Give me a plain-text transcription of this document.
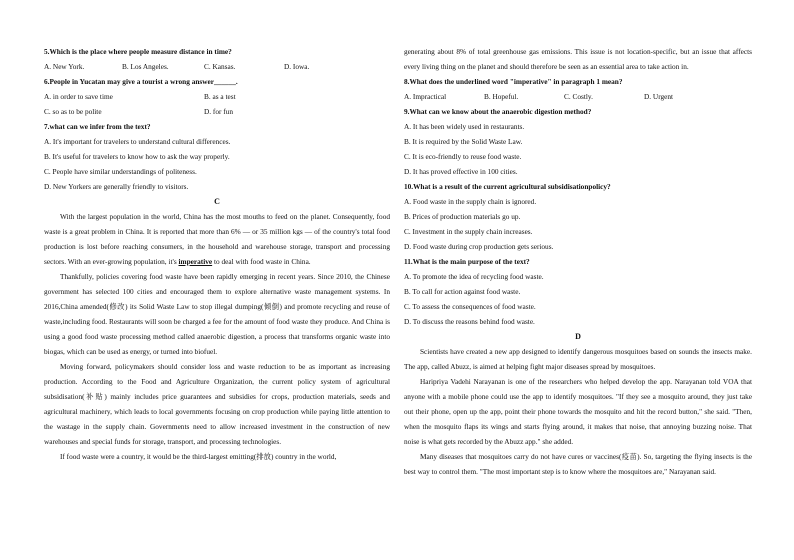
5.Which is the place where people measure distance in time?
A. New York.	B. Los Angeles.	C. Kansas.	D. Iowa.
6.People in Yucatan may give a tourist a wrong answer______.
A. in order to save time	B. as a test
C. so as to be polite	D. for fun
7.what can we infer from the text?
A. It's important for travelers to understand cultural differences.
B. It's useful for travelers to know how to ask the way properly.
C. People have similar understandings of politeness.
D. New Yorkers are generally friendly to visitors.
C

With the largest population in the world, China has the most mouths to feed on the planet. Consequently, food waste is a great problem in China. It is reported that more than 6% — or 35 million kgs — of the country's total food production is lost before reaching consumers, in the household and warehouse storage, transport and processing sectors. With an ever-growing population, it's imperative to deal with food waste in China.

Thankfully, policies covering food waste have been rapidly emerging in recent years. Since 2010, the Chinese government has selected 100 cities and encouraged them to explore alternative waste management systems. In 2016,China amended(修改) its Solid Waste Law to stop illegal dumping(倾倒) and promote recycling and reuse of waste,including food. Restaurants will soon be charged a fee for the amount of food waste they produce. And China is using a good food waste processing method called anaerobic digestion, a process that transforms organic waste into biogas, which can be used as energy, or turned into biofuel.

Moving forward, policymakers should consider loss and waste reduction to be as important as increasing production. According to the Food and Agriculture Organization, the current policy system of agricultural subsidisation(补贴) mainly includes price guarantees and subsidies for crops, production materials, seeds and agricultural machinery, which leads to local governments focusing on crop production while paying little attention to the wastage in the supply chain. Governments need to allow increased investment in the construction of new warehouses and special funds for storage, transport, and processing technologies.

If food waste were a country, it would be the third-largest emitting(排放) country in the world,

generating about 8% of total greenhouse gas emissions. This issue is not location-specific, but an issue that affects every living thing on the planet and should therefore be seen as an essential area to take action in.

8.What does the underlined word "imperative" in paragraph 1 mean?
A. Impractical	B. Hopeful.	C. Costly.	D. Urgent
9.What can we know about the anaerobic digestion method?
A. It has been widely used in restaurants.
B. It is required by the Solid Waste Law.
C. It is eco-friendly to reuse food waste.
D. It has proved effective in 100 cities.
10.What is a result of the current agricultural subsidisationpolicy?
A. Food waste in the supply chain is ignored.
B. Prices of production materials go up.
C. Investment in the supply chain increases.
D. Food waste during crop production gets serious.
11.What is the main purpose of the text?
A. To promote the idea of recycling food waste.
B. To call for action against food waste.
C. To assess the consequences of food waste.
D. To discuss the reasons behind food waste.
D

Scientists have created a new app designed to identify dangerous mosquitoes based on sounds the insects make. The app, called Abuzz, is aimed at helping fight major diseases spread by mosquitoes.

Haripriya Vadehi Narayanan is one of the researchers who helped develop the app. Narayanan told VOA that anyone with a mobile phone could use the app to identify mosquitoes. "If they see a mosquito around, they just take out their phone, open up the app, point their phone towards the mosquito and hit the record button," she said. "Then, when the mosquito flaps its wings and starts flying around, it makes that noise, that annoying buzzing noise. That noise is what gets recorded by the Abuzz app." she added.

Many diseases that mosquitoes carry do not have cures or vaccines(疫苗). So, targeting the flying insects is the best way to control them. "The most important step is to know where the mosquitoes are," Narayanan said.
